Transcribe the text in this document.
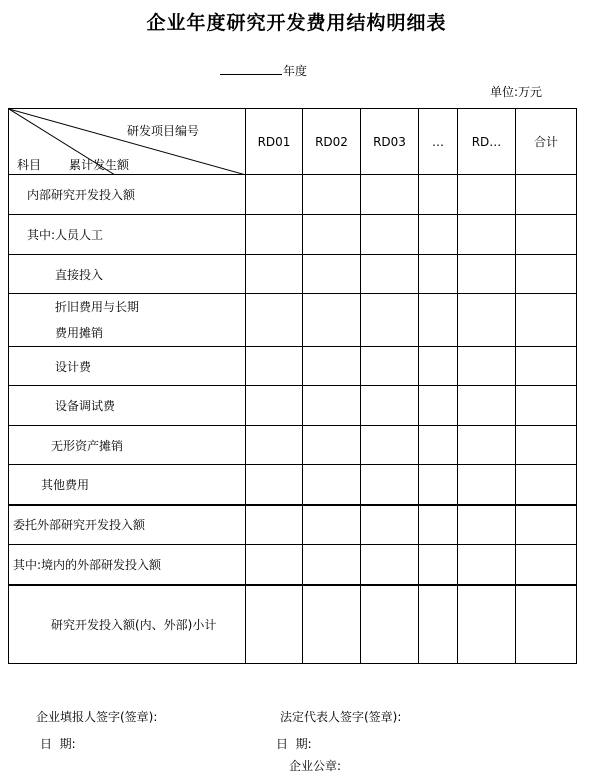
企业年度研究开发费用结构明细表
年度
单位:万元
研发项目编号
科目 累计发生额	RD01	RD02	RD03	…	RD…	合计

内部研究开发投入额						

其中:人员人工						

直接投入						

折旧费用与长期
费用摊销						

设计费						

设备调试费						

无形资产摊销						

其他费用						

委托外部研究开发投入额						

其中:境内的外部研发投入额						

研究开发投入额(内、外部)小计						

企业填报人签字(签章):	法定代表人签字(签章):
日  期:	日  期:
企业公章:
